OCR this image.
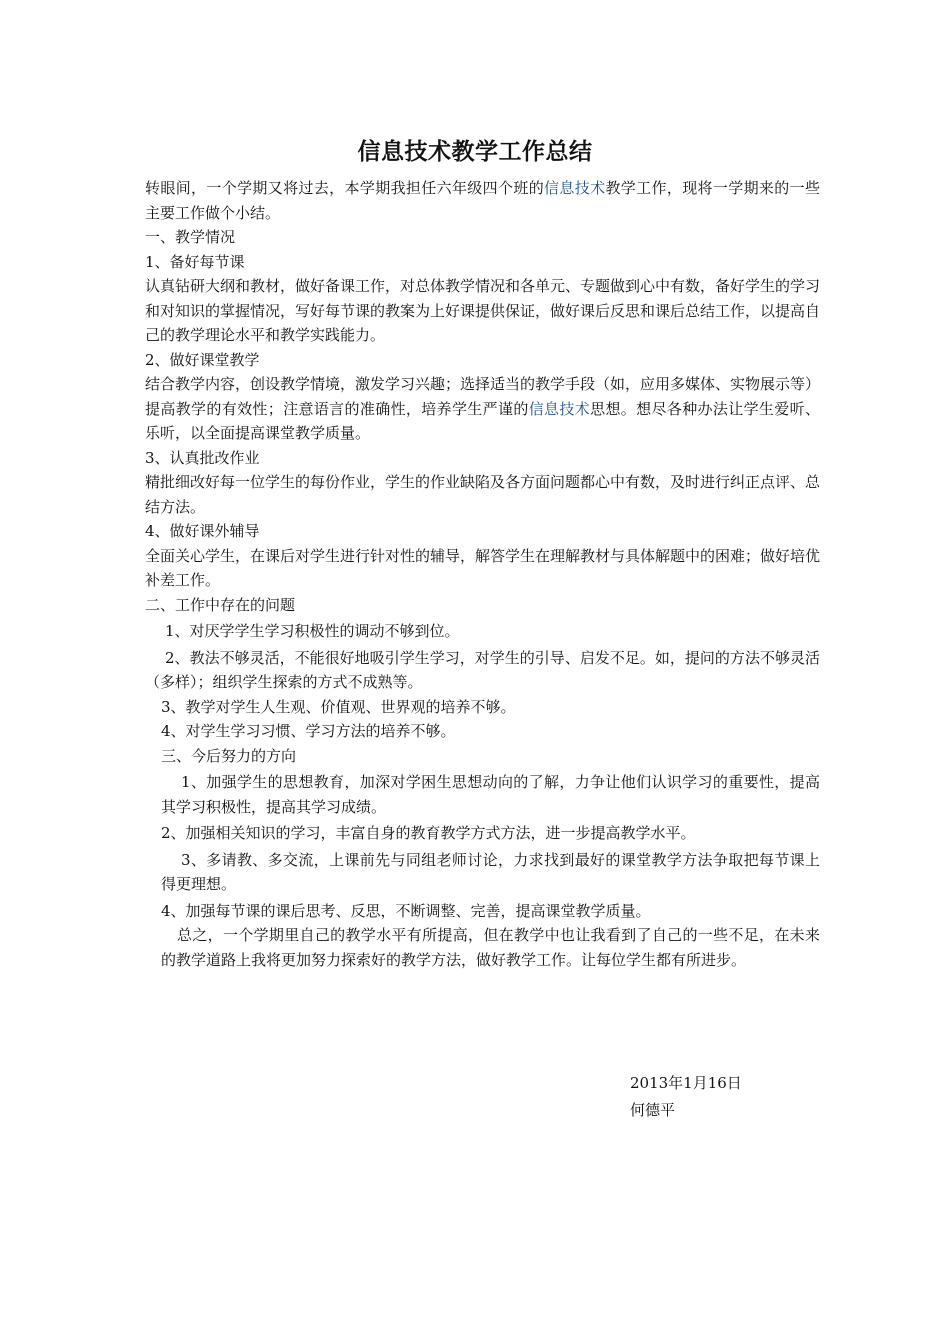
信息技术教学工作总结

转眼间，一个学期又将过去，本学期我担任六年级四个班的信息技术教学工作，现将一学期来的一些主要工作做个小结。

一、教学情况

1、备好每节课

认真钻研大纲和教材，做好备课工作，对总体教学情况和各单元、专题做到心中有数，备好学生的学习和对知识的掌握情况，写好每节课的教案为上好课提供保证，做好课后反思和课后总结工作，以提高自己的教学理论水平和教学实践能力。

2、做好课堂教学

结合教学内容，创设教学情境，激发学习兴趣；选择适当的教学手段（如，应用多媒体、实物展示等）提高教学的有效性；注意语言的准确性，培养学生严谨的信息技术思想。想尽各种办法让学生爱听、乐听，以全面提高课堂教学质量。

3、认真批改作业

精批细改好每一位学生的每份作业，学生的作业缺陷及各方面问题都心中有数，及时进行纠正点评、总结方法。

4、做好课外辅导

全面关心学生，在课后对学生进行针对性的辅导，解答学生在理解教材与具体解题中的困难；做好培优补差工作。

二、工作中存在的问题

1、对厌学学生学习积极性的调动不够到位。

2、教法不够灵活，不能很好地吸引学生学习，对学生的引导、启发不足。如，提问的方法不够灵活（多样）；组织学生探索的方式不成熟等。

3、教学对学生人生观、价值观、世界观的培养不够。

4、对学生学习习惯、学习方法的培养不够。

三、今后努力的方向

1、加强学生的思想教育，加深对学困生思想动向的了解，力争让他们认识学习的重要性，提高其学习积极性，提高其学习成绩。

2、加强相关知识的学习，丰富自身的教育教学方式方法，进一步提高教学水平。

3、多请教、多交流，上课前先与同组老师讨论，力求找到最好的课堂教学方法争取把每节课上得更理想。

4、加强每节课的课后思考、反思，不断调整、完善，提高课堂教学质量。

总之，一个学期里自己的教学水平有所提高，但在教学中也让我看到了自己的一些不足，在未来的教学道路上我将更加努力探索好的教学方法，做好教学工作。让每位学生都有所进步。

2013年1月16日
何德平
